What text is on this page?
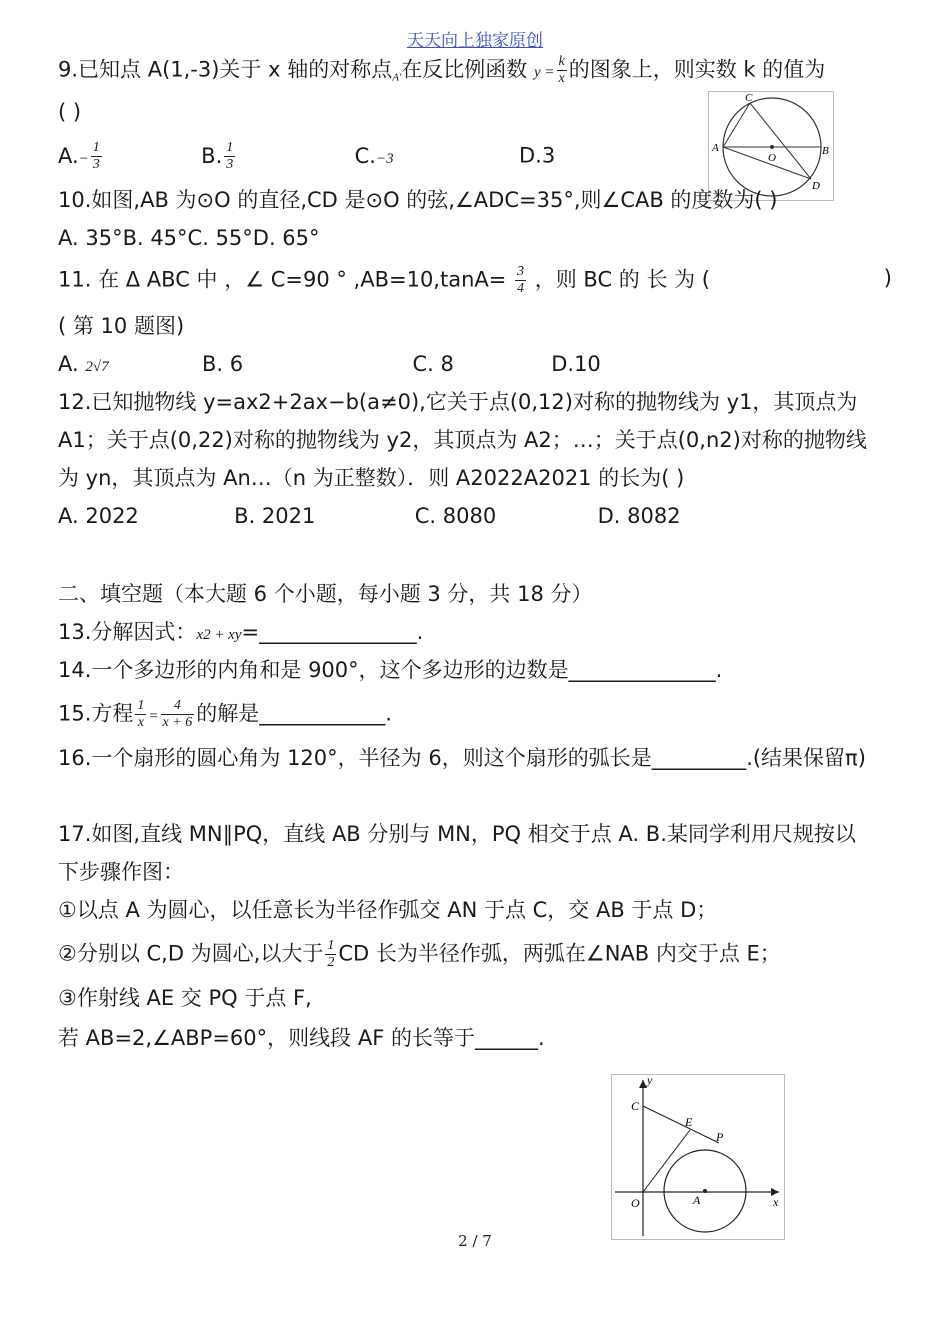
天天向上独家原创
9.已知点 A(1,-3)关于 x 轴的对称点A'在反比例函数 $y = \frac{k}{x}$ 的图象上，则实数 k 的值为
( )
$A.- \frac{1}{3}$	B. $\frac{1}{3}$	C.−3	D.3
C
A	B
O
D
10.如图,AB 为⊙O 的直径,CD 是⊙O 的弦,∠ADC=35°,则∠CAB 的度数为( )
A. 35°B. 45°C. 55°D. 65°
11. 在 Δ ABC 中 ，∠ C=90 ° $,AB=10,\tan A= \frac{3}{4}$ ，则 BC 的 长 为 (	)
( 第 10 题图)
A. 2√7	B. 6	C. 8	D.10
12.已知抛物线 y=ax2+2ax−b(a≠0),它关于点(0,12)对称的抛物线为 y1，其顶点为
A1；关于点(0,22)对称的抛物线为 y2，其顶点为 A2；…；关于点(0,n2)对称的抛物线
为 yn，其顶点为 An…（n 为正整数）．则 A2022A2021 的长为( )
A. 2022	B. 2021	C. 8080	D. 8082
二、填空题（本大题 6 个小题，每小题 3 分，共 18 分）
13.分解因式：x2 + xy=_______________.
14.一个多边形的内角和是 900°，这个多边形的边数是______________.
15.方程 $\frac{1}{x} = \frac{4}{x + 6}$ 的解是____________.
16.一个扇形的圆心角为 120°，半径为 6，则这个扇形的弧长是_________.(结果保留π)
17.如图,直线 MN∥PQ，直线 AB 分别与 MN，PQ 相交于点 A. B.某同学利用尺规按以
下步骤作图：
①以点 A 为圆心，以任意长为半径作弧交 AN 于点 C，交 AB 于点 D；
②分别以 C,D 为圆心,以大于 $\frac{1}{2}$ CD 长为半径作弧，两弧在∠NAB 内交于点 E；
③作射线 AE 交 PQ 于点 F,
若 AB=2,∠ABP=60°，则线段 AF 的长等于______.
y
x
C
E
P
O	A
2 / 7
